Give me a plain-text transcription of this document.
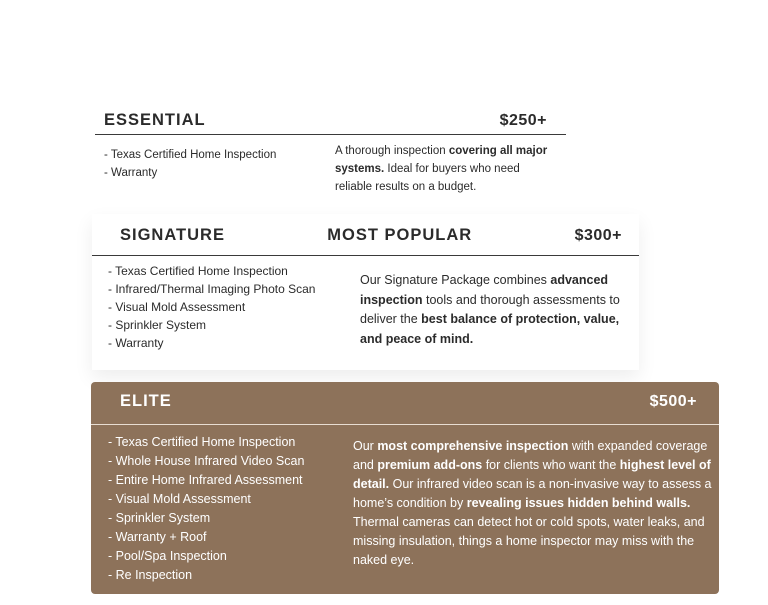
ESSENTIAL	$250+
- Texas Certified Home Inspection
- Warranty

A thorough inspection covering all major systems. Ideal for buyers who need reliable results on a budget.

SIGNATURE	MOST POPULAR	$300+
- Texas Certified Home Inspection
- Infrared/Thermal Imaging Photo Scan
- Visual Mold Assessment
- Sprinkler System
- Warranty

Our Signature Package combines advanced inspection tools and thorough assessments to deliver the best balance of protection, value, and peace of mind.

ELITE	$500+
- Texas Certified Home Inspection
- Whole House Infrared Video Scan
- Entire Home Infrared Assessment
- Visual Mold Assessment
- Sprinkler System
- Warranty + Roof
- Pool/Spa Inspection
- Re Inspection

Our most comprehensive inspection with expanded coverage and premium add-ons for clients who want the highest level of detail. Our infrared video scan is a non-invasive way to assess a home’s condition by revealing issues hidden behind walls. Thermal cameras can detect hot or cold spots, water leaks, and missing insulation, things a home inspector may miss with the naked eye.
